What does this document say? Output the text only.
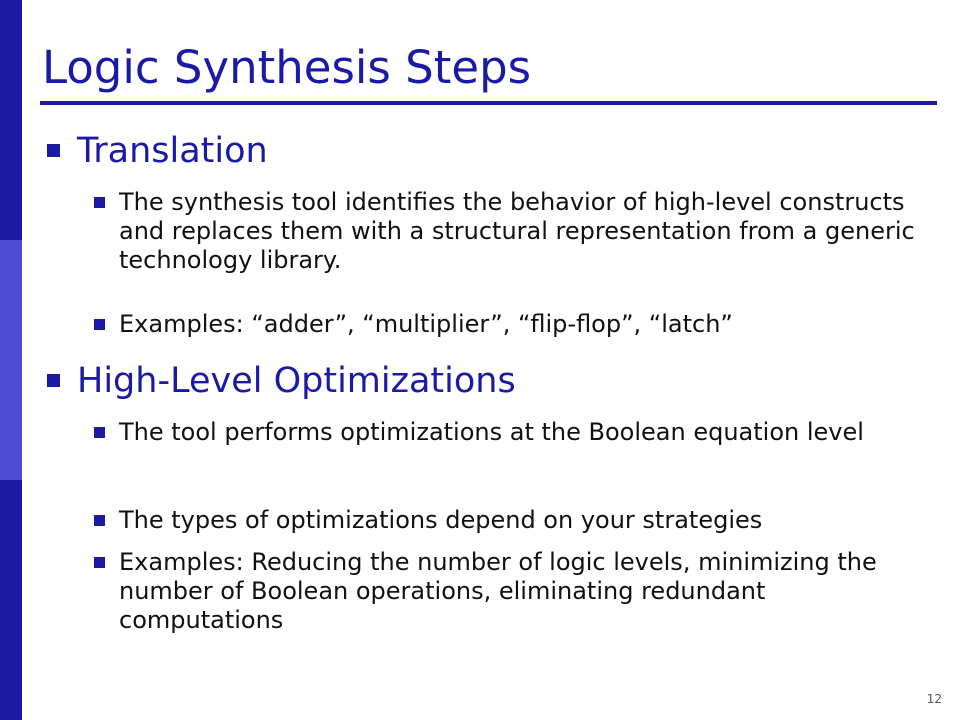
Logic Synthesis Steps
Translation
The synthesis tool identifies the behavior of high-level constructs and replaces them with a structural representation from a generic technology library.
Examples: “adder”, “multiplier”, “flip-flop”, “latch”
High-Level Optimizations
The tool performs optimizations at the Boolean equation level
The types of optimizations depend on your strategies
Examples: Reducing the number of logic levels, minimizing the number of Boolean operations, eliminating redundant computations
12
